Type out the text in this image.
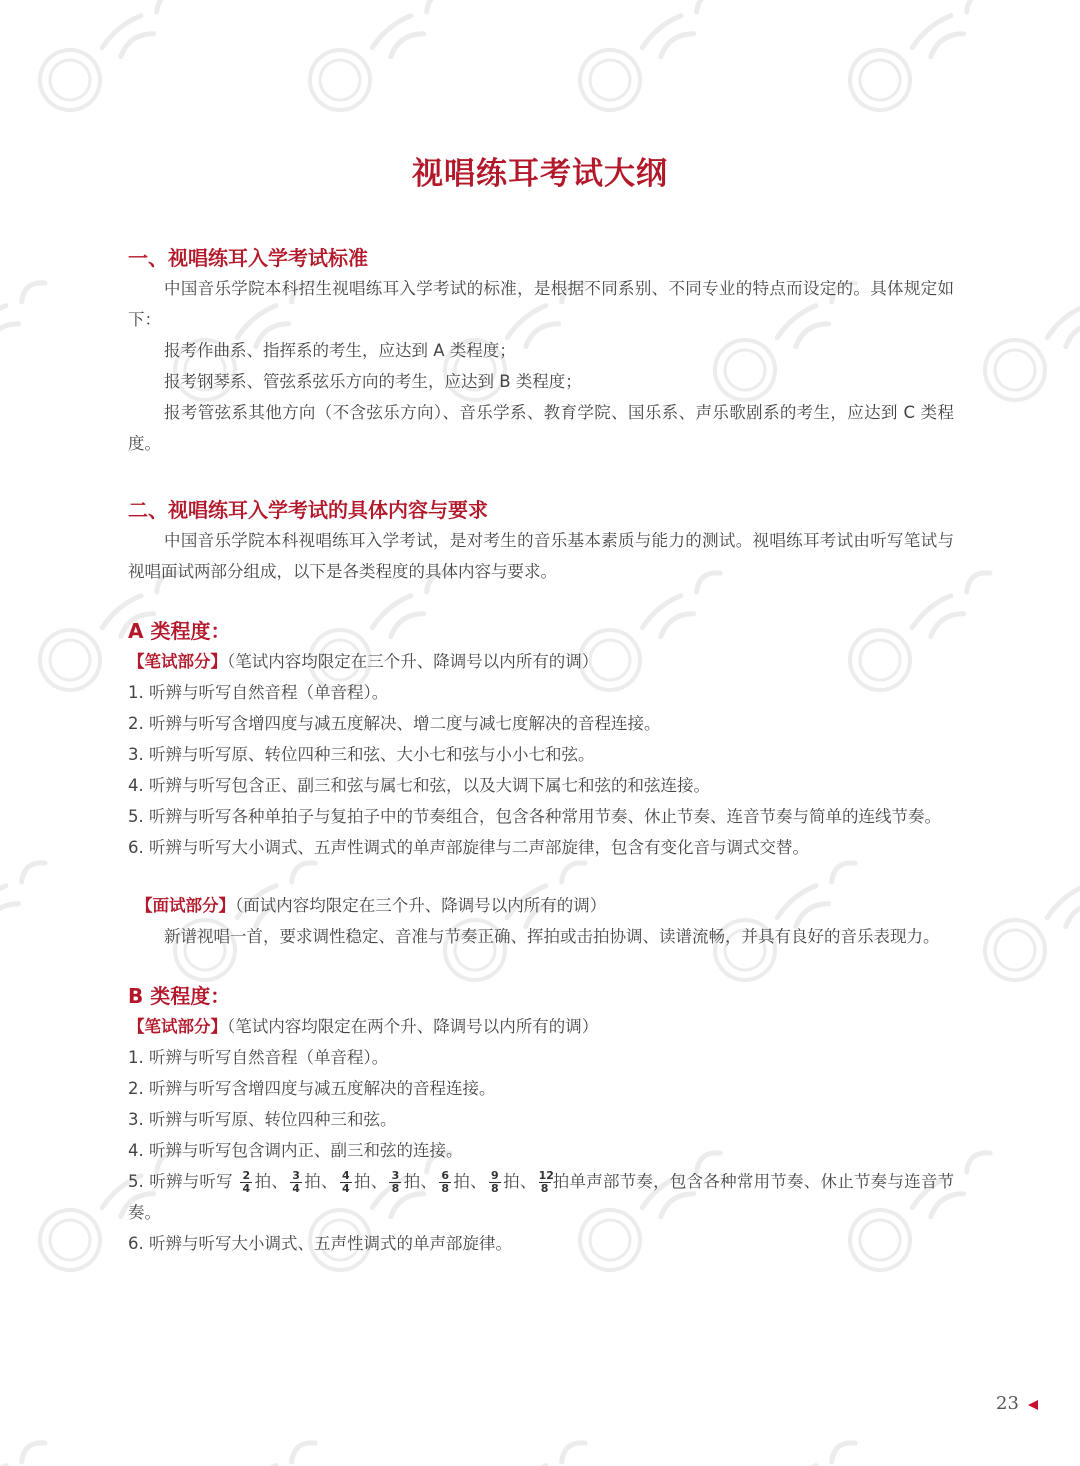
视唱练耳考试大纲
一、视唱练耳入学考试标准

中国音乐学院本科招生视唱练耳入学考试的标准，是根据不同系别、不同专业的特点而设定的。具体规定如下：

报考作曲系、指挥系的考生，应达到 A 类程度；

报考钢琴系、管弦系弦乐方向的考生，应达到 B 类程度；

报考管弦系其他方向（不含弦乐方向）、音乐学系、教育学院、国乐系、声乐歌剧系的考生，应达到 C 类程度。

二、视唱练耳入学考试的具体内容与要求

中国音乐学院本科视唱练耳入学考试，是对考生的音乐基本素质与能力的测试。视唱练耳考试由听写笔试与视唱面试两部分组成，以下是各类程度的具体内容与要求。

A 类程度：

【笔试部分】（笔试内容均限定在三个升、降调号以内所有的调）

1. 听辨与听写自然音程（单音程）。

2. 听辨与听写含增四度与减五度解决、增二度与减七度解决的音程连接。

3. 听辨与听写原、转位四种三和弦、大小七和弦与小小七和弦。

4. 听辨与听写包含正、副三和弦与属七和弦，以及大调下属七和弦的和弦连接。

5. 听辨与听写各种单拍子与复拍子中的节奏组合，包含各种常用节奏、休止节奏、连音节奏与简单的连线节奏。

6. 听辨与听写大小调式、五声性调式的单声部旋律与二声部旋律，包含有变化音与调式交替。

【面试部分】（面试内容均限定在三个升、降调号以内所有的调）

新谱视唱一首，要求调性稳定、音准与节奏正确、挥拍或击拍协调、读谱流畅，并具有良好的音乐表现力。

B 类程度：

【笔试部分】（笔试内容均限定在两个升、降调号以内所有的调）

1. 听辨与听写自然音程（单音程）。

2. 听辨与听写含增四度与减五度解决的音程连接。

3. 听辨与听写原、转位四种三和弦。

4. 听辨与听写包含调内正、副三和弦的连接。

5. 听辨与听写 $\frac{2}{4}$ 拍、 $\frac{3}{4}$ 拍、 $\frac{4}{4}$ 拍、 $\frac{3}{8}$ 拍、 $\frac{6}{8}$ 拍、 $\frac{9}{8}$ 拍、 $\frac{12}{8}$ 拍单声部节奏，包含各种常用节奏、休止节奏与连音节奏。

6. 听辨与听写大小调式、五声性调式的单声部旋律。

23
